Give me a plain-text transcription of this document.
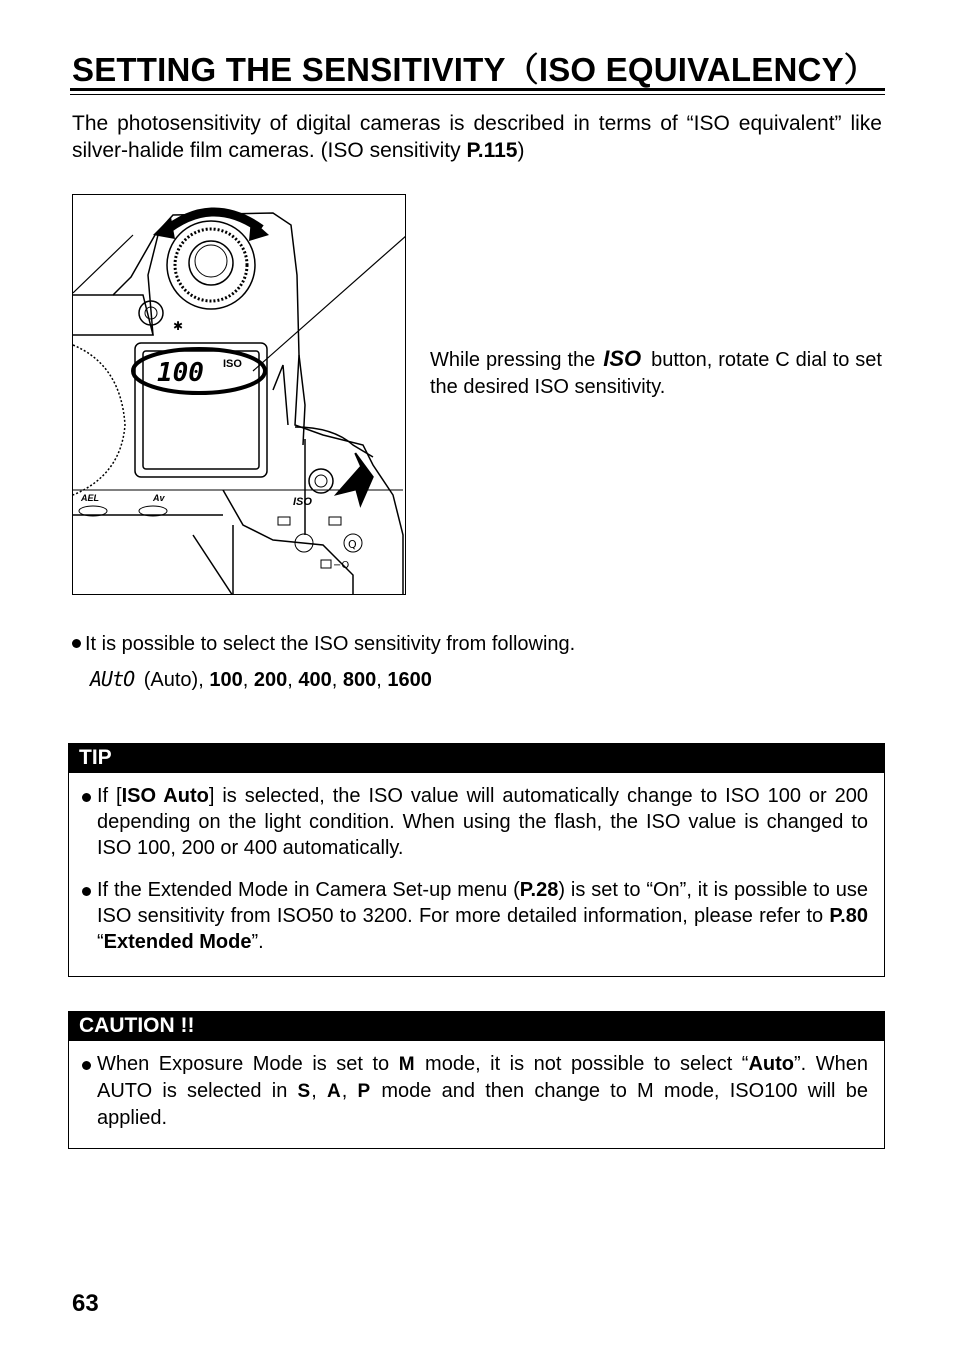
SETTING THE SENSITIVITY（ISO EQUIVALENCY）

The photosensitivity of digital cameras is described in terms of “ISO equivalent” like silver-halide film cameras. (ISO sensitivity P.115)

✱
100 ISO
ISO
AEL	Av
Q
−Q

While pressing the ISO button, rotate C dial to set the desired ISO sensitivity.

It is possible to select the ISO sensitivity from following.
AUtO (Auto), 100, 200, 400, 800, 1600
TIP

If [ISO Auto] is selected, the ISO value will automatically change to ISO 100 or 200 depending on the light condition. When using the flash, the ISO value is changed to ISO 100, 200 or 400 automatically.

If the Extended Mode in Camera Set-up menu (P.28) is set to “On”, it is possible to use ISO sensitivity from ISO50 to 3200. For more detailed information, please refer to P.80 “Extended Mode”.

CAUTION !!

When Exposure Mode is set to M mode, it is not possible to select “Auto”. When AUTO is selected in S, A, P mode and then change to M mode, ISO100 will be applied.

63
